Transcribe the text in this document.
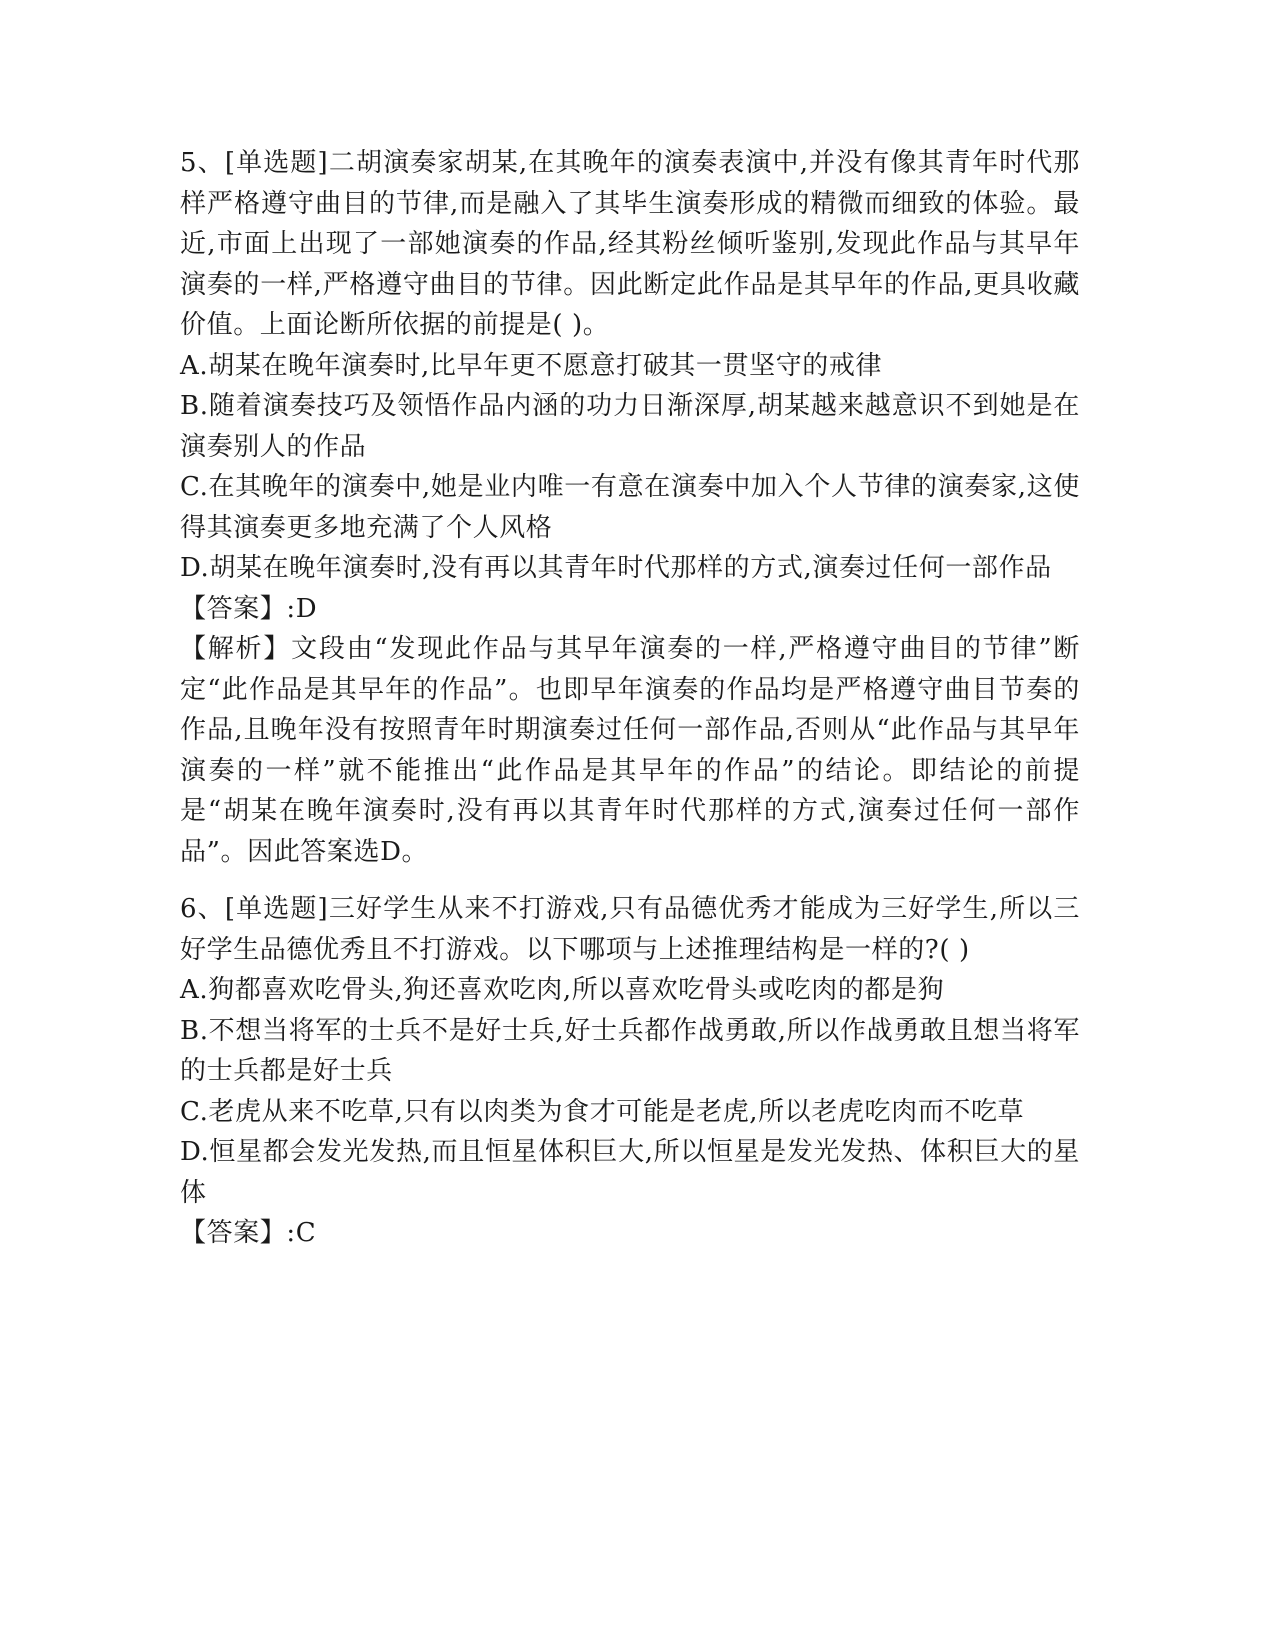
5、[单选题]二胡演奏家胡某,在其晚年的演奏表演中,并没有像其青年时代那样严格遵守曲目的节律,而是融入了其毕生演奏形成的精微而细致的体验。最近,市面上出现了一部她演奏的作品,经其粉丝倾听鉴别,发现此作品与其早年演奏的一样,严格遵守曲目的节律。因此断定此作品是其早年的作品,更具收藏价值。上面论断所依据的前提是( )。

A.胡某在晚年演奏时,比早年更不愿意打破其一贯坚守的戒律

B.随着演奏技巧及领悟作品内涵的功力日渐深厚,胡某越来越意识不到她是在演奏别人的作品

C.在其晚年的演奏中,她是业内唯一有意在演奏中加入个人节律的演奏家,这使得其演奏更多地充满了个人风格

D.胡某在晚年演奏时,没有再以其青年时代那样的方式,演奏过任何一部作品

【答案】:D

【解析】文段由“发现此作品与其早年演奏的一样,严格遵守曲目的节律”断定“此作品是其早年的作品”。也即早年演奏的作品均是严格遵守曲目节奏的作品,且晚年没有按照青年时期演奏过任何一部作品,否则从“此作品与其早年演奏的一样”就不能推出“此作品是其早年的作品”的结论。即结论的前提是“胡某在晚年演奏时,没有再以其青年时代那样的方式,演奏过任何一部作品”。因此答案选D。

6、[单选题]三好学生从来不打游戏,只有品德优秀才能成为三好学生,所以三好学生品德优秀且不打游戏。以下哪项与上述推理结构是一样的?( )

A.狗都喜欢吃骨头,狗还喜欢吃肉,所以喜欢吃骨头或吃肉的都是狗

B.不想当将军的士兵不是好士兵,好士兵都作战勇敢,所以作战勇敢且想当将军的士兵都是好士兵

C.老虎从来不吃草,只有以肉类为食才可能是老虎,所以老虎吃肉而不吃草

D.恒星都会发光发热,而且恒星体积巨大,所以恒星是发光发热、体积巨大的星体

【答案】:C
